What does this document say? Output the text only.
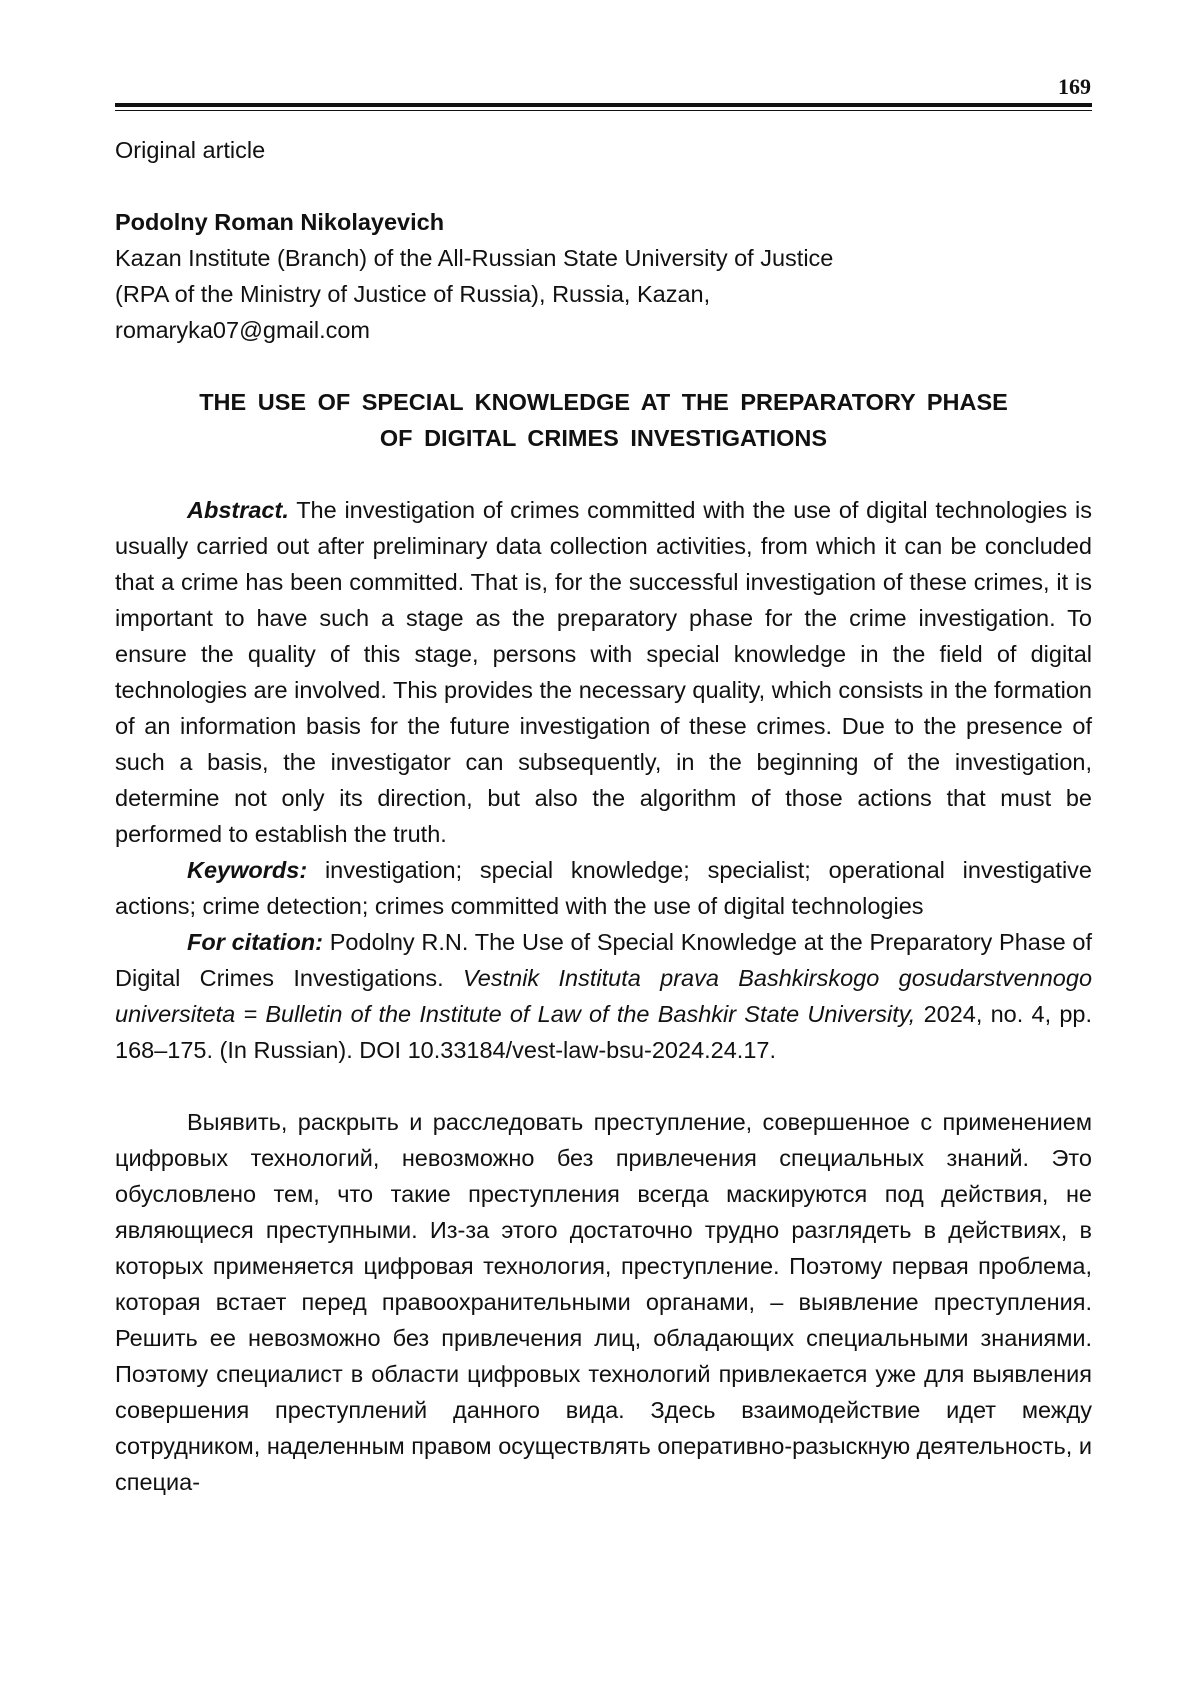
169

Original article

Podolny Roman Nikolayevich

Kazan Institute (Branch) of the All-Russian State University of Justice

(RPA of the Ministry of Justice of Russia), Russia, Kazan,

romaryka07@gmail.com

THE USE OF SPECIAL KNOWLEDGE AT THE PREPARATORY PHASE
OF DIGITAL CRIMES INVESTIGATIONS

Abstract. The investigation of crimes committed with the use of digital technologies is usually carried out after preliminary data collection activities, from which it can be concluded that a crime has been committed. That is, for the successful investigation of these crimes, it is important to have such a stage as the preparatory phase for the crime investigation. To ensure the quality of this stage, persons with special knowledge in the field of digital technologies are involved. This provides the necessary quality, which consists in the formation of an information basis for the future investigation of these crimes. Due to the presence of such a basis, the investigator can subsequently, in the beginning of the investigation, determine not only its direction, but also the algorithm of those actions that must be performed to establish the truth.

Keywords: investigation; special knowledge; specialist; operational investigative actions; crime detection; crimes committed with the use of digital technologies

For citation: Podolny R.N. The Use of Special Knowledge at the Preparatory Phase of Digital Crimes Investigations. Vestnik Instituta prava Bashkirskogo gosudarstvennogo universiteta = Bulletin of the Institute of Law of the Bashkir State University, 2024, no. 4, pp. 168–175. (In Russian). DOI 10.33184/vest-law-bsu-2024.24.17.

Выявить, раскрыть и расследовать преступление, совершенное с применением цифровых технологий, невозможно без привлечения специальных знаний. Это обусловлено тем, что такие преступления всегда маскируются под действия, не являющиеся преступными. Из-за этого достаточно трудно разглядеть в действиях, в которых применяется цифровая технология, преступление. Поэтому первая проблема, которая встает перед правоохранительными органами, – выявление преступления. Решить ее невозможно без привлечения лиц, обладающих специальными знаниями. Поэтому специалист в области цифровых технологий привлекается уже для выявления совершения преступлений данного вида. Здесь взаимодействие идет между сотрудником, наделенным правом осуществлять оперативно-разыскную деятельность, и специа-
